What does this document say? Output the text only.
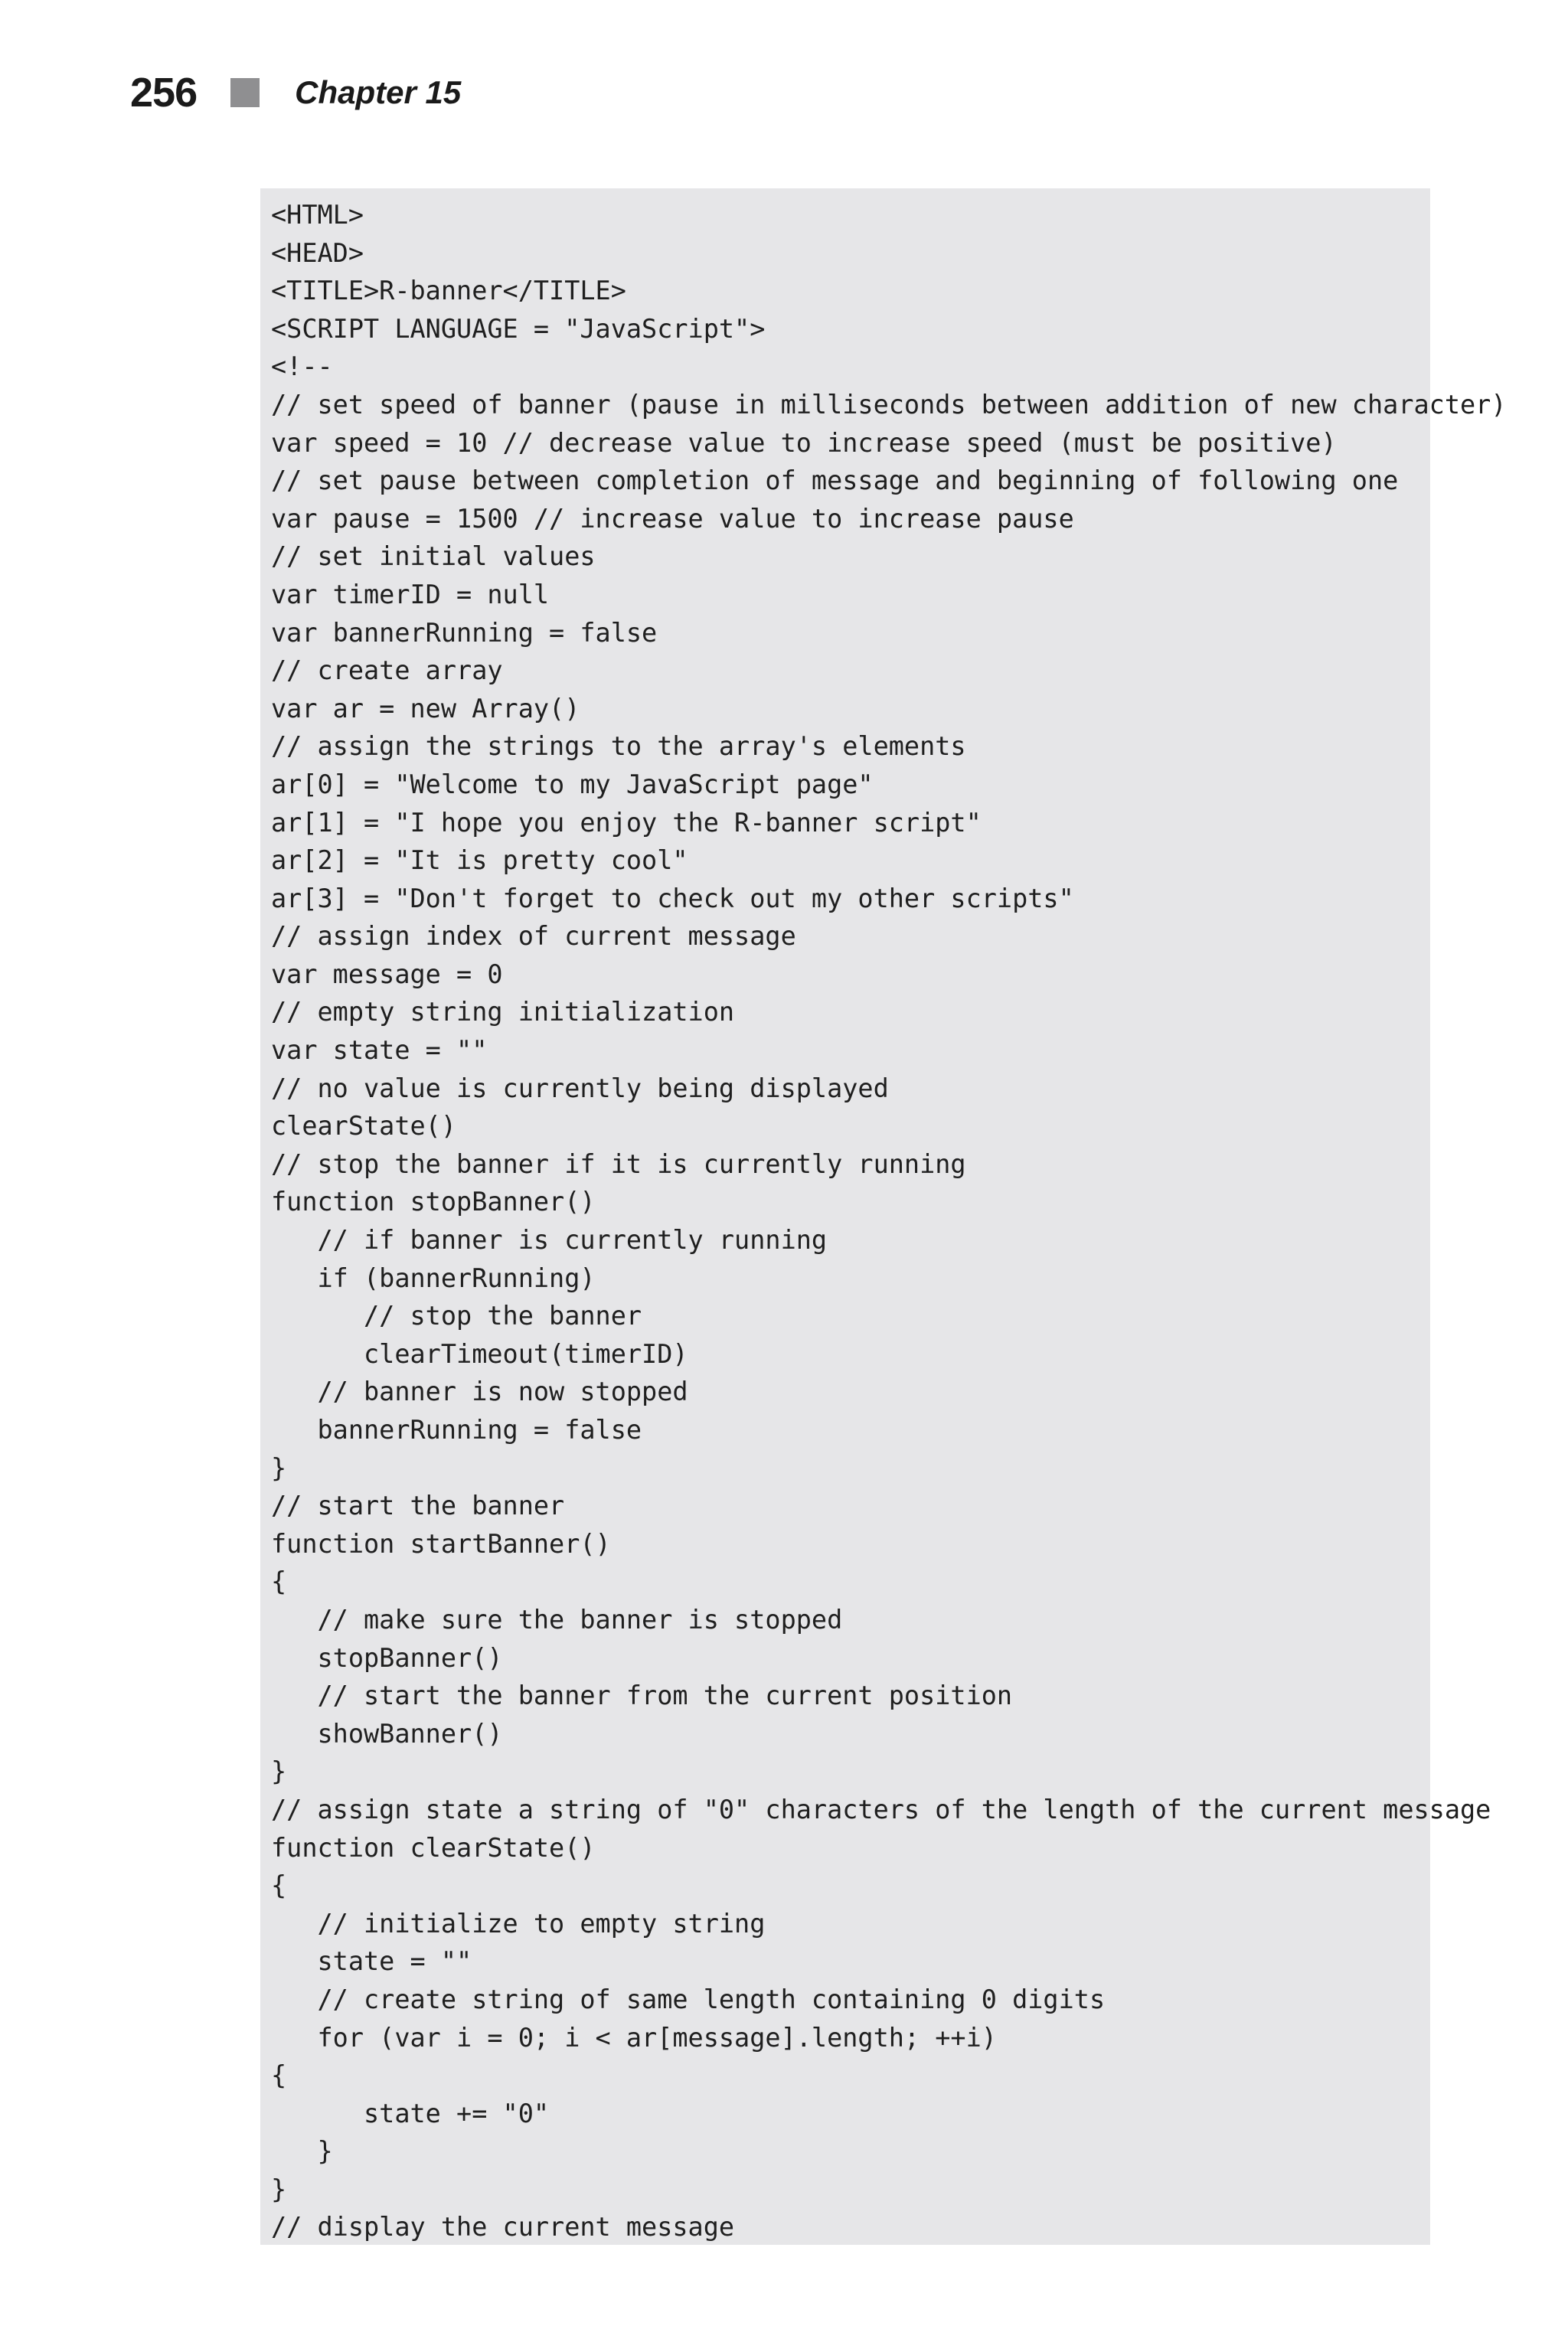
256	Chapter 15
<HTML>
<HEAD>
<TITLE>R-banner</TITLE>
<SCRIPT LANGUAGE = "JavaScript">
<!--
// set speed of banner (pause in milliseconds between addition of new character)
var speed = 10 // decrease value to increase speed (must be positive)
// set pause between completion of message and beginning of following one
var pause = 1500 // increase value to increase pause
// set initial values
var timerID = null
var bannerRunning = false
// create array
var ar = new Array()
// assign the strings to the array's elements
ar[0] = "Welcome to my JavaScript page"
ar[1] = "I hope you enjoy the R-banner script"
ar[2] = "It is pretty cool"
ar[3] = "Don't forget to check out my other scripts"
// assign index of current message
var message = 0
// empty string initialization
var state = ""
// no value is currently being displayed
clearState()
// stop the banner if it is currently running
function stopBanner()
// if banner is currently running
if (bannerRunning)
// stop the banner
clearTimeout(timerID)
// banner is now stopped
bannerRunning = false
}
// start the banner
function startBanner()
{
// make sure the banner is stopped
stopBanner()
// start the banner from the current position
showBanner()
}
// assign state a string of "0" characters of the length of the current message
function clearState()
{
// initialize to empty string
state = ""
// create string of same length containing 0 digits
for (var i = 0; i < ar[message].length; ++i)
{
state += "0"
}
}
// display the current message
